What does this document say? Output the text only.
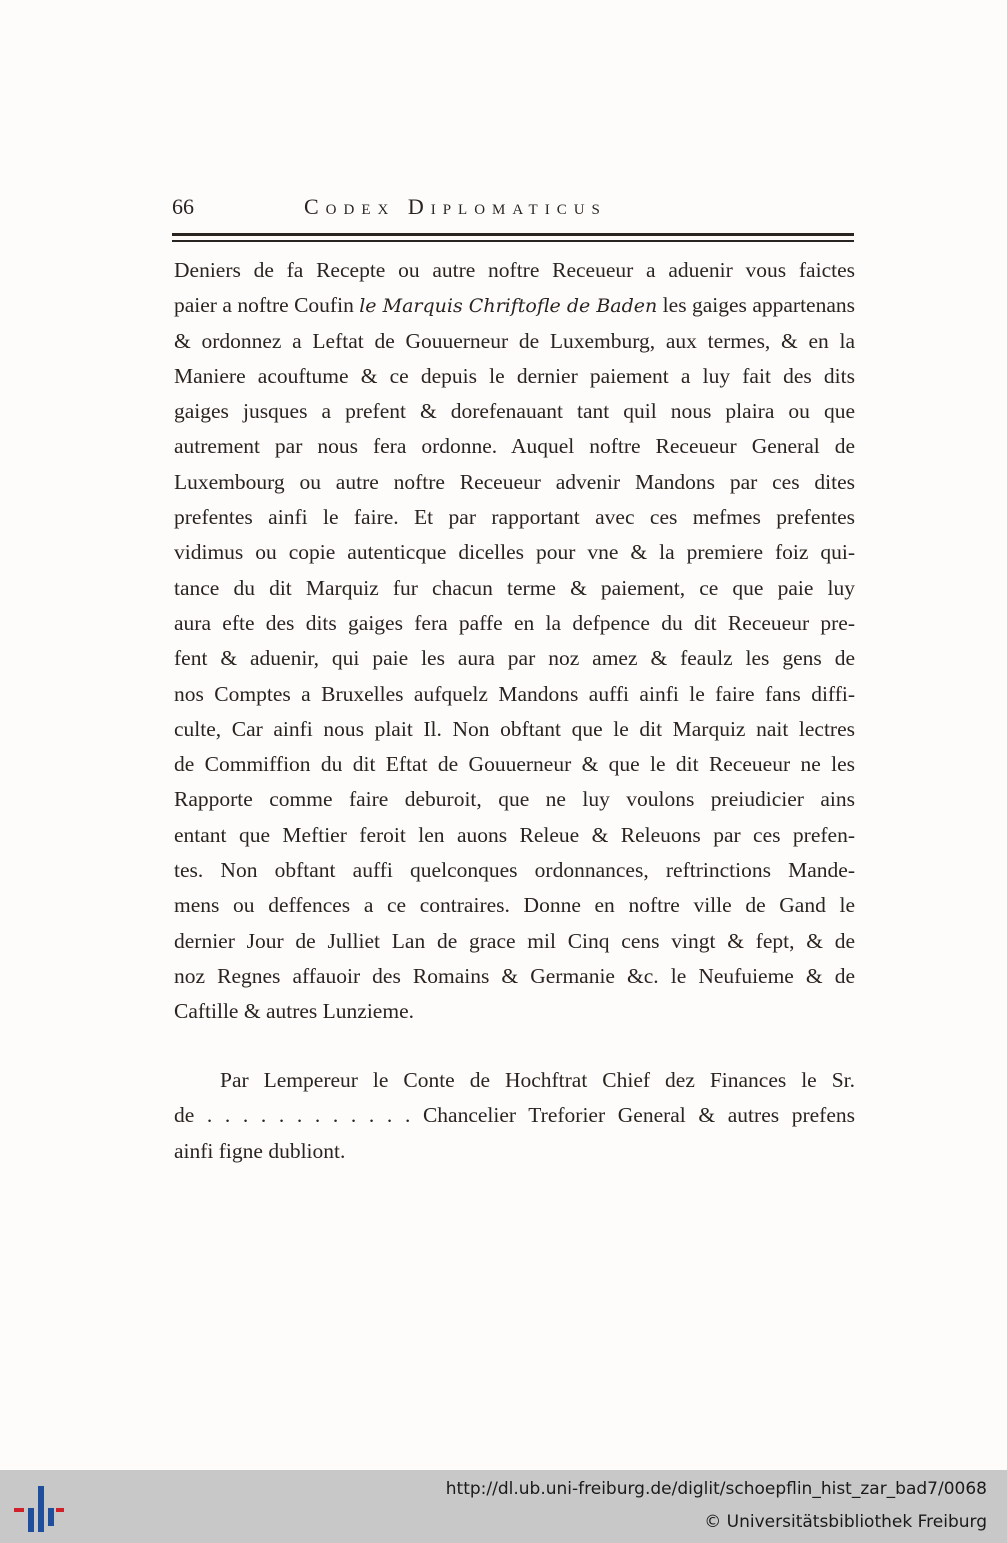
66	Codex Diplomaticus
Deniers de fa Recepte ou autre noftre Receueur a aduenir vous faictes
paier a noftre Coufin le Marquis Chriftofle de Baden les gaiges appartenans
& ordonnez a Leftat de Gouuerneur de Luxemburg, aux termes, & en la
Maniere acouftume & ce depuis le dernier paiement a luy fait des dits
gaiges jusques a prefent & dorefenauant tant quil nous plaira ou que
autrement par nous fera ordonne. Auquel noftre Receueur General de
Luxembourg ou autre noftre Receueur advenir Mandons par ces dites
prefentes ainfi le faire. Et par rapportant avec ces mefmes prefentes
vidimus ou copie autenticque dicelles pour vne & la premiere foiz qui-
tance du dit Marquiz fur chacun terme & paiement, ce que paie luy
aura efte des dits gaiges fera paffe en la defpence du dit Receueur pre-
fent & aduenir, qui paie les aura par noz amez & feaulz les gens de
nos Comptes a Bruxelles aufquelz Mandons auffi ainfi le faire fans diffi-
culte, Car ainfi nous plait Il. Non obftant que le dit Marquiz nait lectres
de Commiffion du dit Eftat de Gouuerneur & que le dit Receueur ne les
Rapporte comme faire deburoit, que ne luy voulons preiudicier ains
entant que Meftier feroit len auons Releue & Releuons par ces prefen-
tes. Non obftant auffi quelconques ordonnances, reftrinctions Mande-
mens ou deffences a ce contraires. Donne en noftre ville de Gand le
dernier Jour de Julliet Lan de grace mil Cinq cens vingt & fept, & de
noz Regnes affauoir des Romains & Germanie &c. le Neufuieme & de
Caftille & autres Lunzieme.
Par Lempereur le Conte de Hochftrat Chief dez Finances le Sr.
de . . . . . . . . . . . . Chancelier Treforier General & autres prefens
ainfi figne dubliont.
http://dl.ub.uni-freiburg.de/diglit/schoepflin_hist_zar_bad7/0068
© Universitätsbibliothek Freiburg
